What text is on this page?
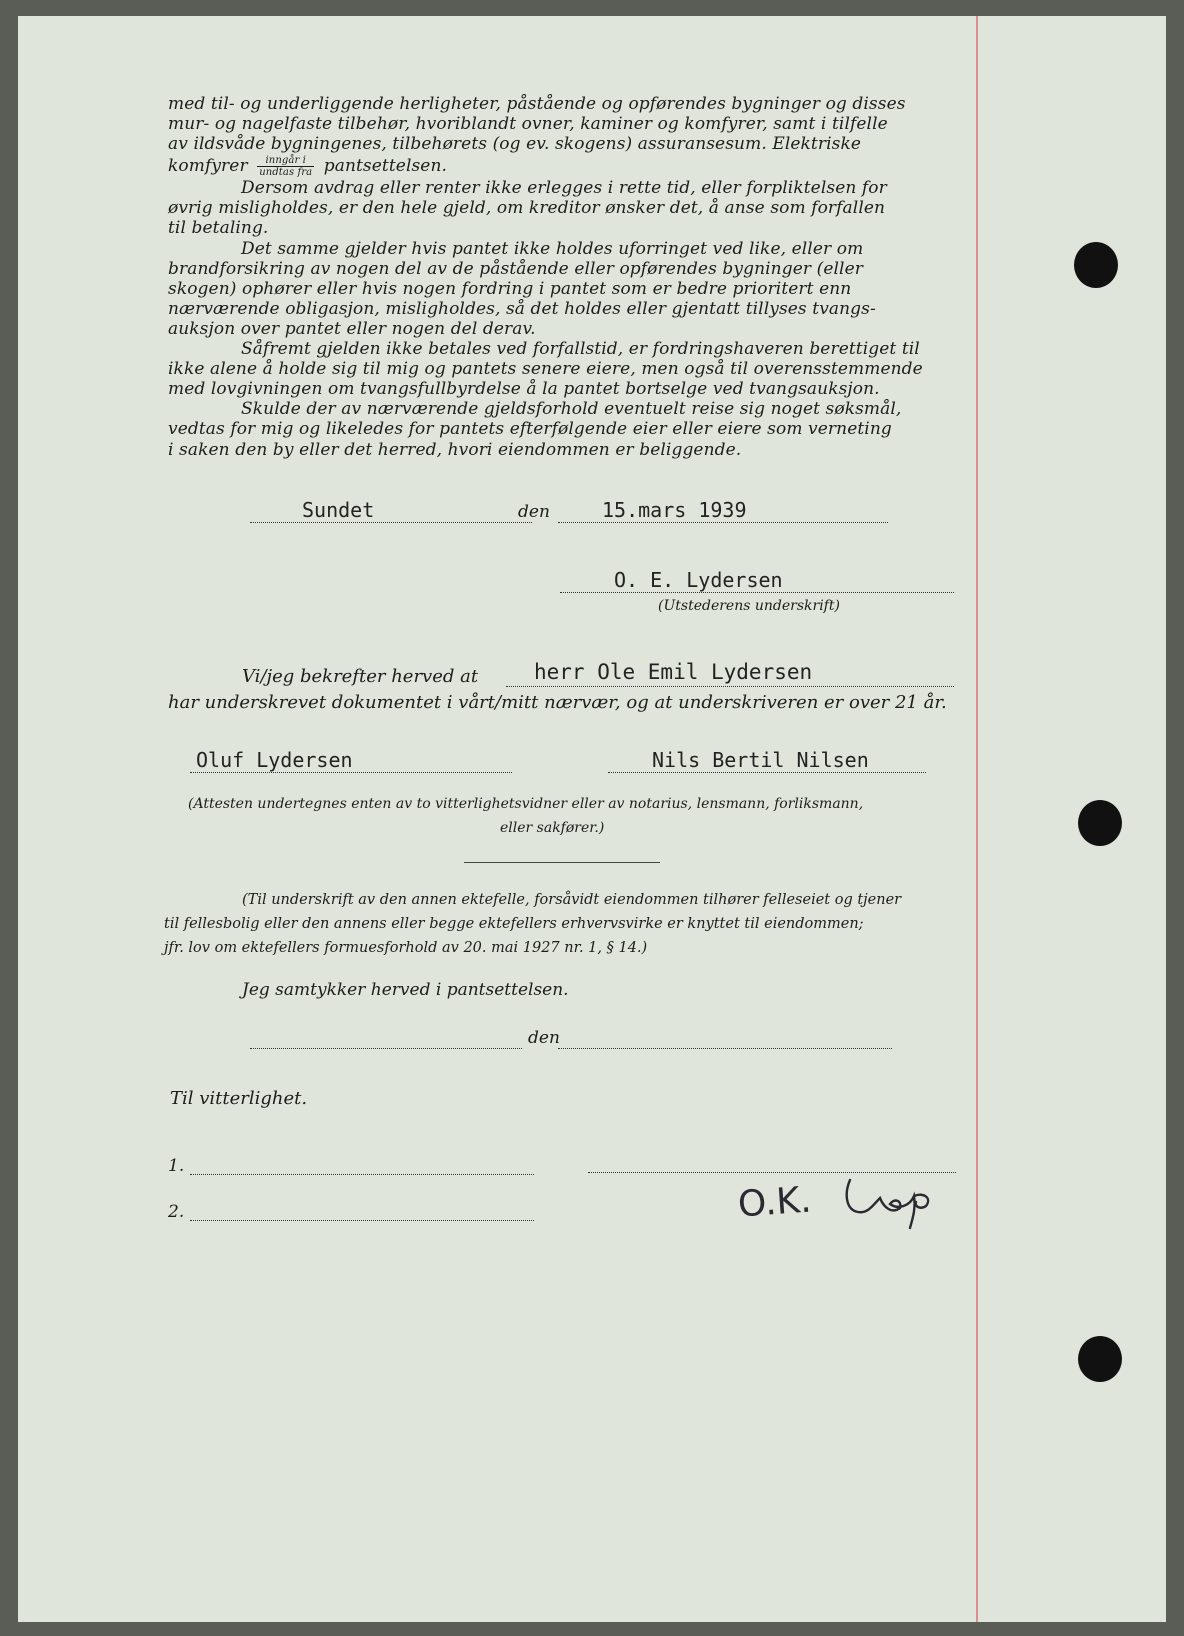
med til- og underliggende herligheter, påstående og opførendes bygninger og disses
mur- og nagelfaste tilbehør, hvoriblandt ovner, kaminer og komfyrer, samt i tilfelle
av ildsvåde bygningenes, tilbehørets (og ev. skogens) assuransesum. Elektriske
komfyrer $\frac{\text{inngår i}}{\text{undtas fra}}$ pantsettelsen.
Dersom avdrag eller renter ikke erlegges i rette tid, eller forpliktelsen for
øvrig misligholdes, er den hele gjeld, om kreditor ønsker det, å anse som forfallen
til betaling.
Det samme gjelder hvis pantet ikke holdes uforringet ved like, eller om
brandforsikring av nogen del av de påstående eller opførendes bygninger (eller
skogen) ophører eller hvis nogen fordring i pantet som er bedre prioritert enn
nærværende obligasjon, misligholdes, så det holdes eller gjentatt tillyses tvangs-
auksjon over pantet eller nogen del derav.
Såfremt gjelden ikke betales ved forfallstid, er fordringshaveren berettiget til
ikke alene å holde sig til mig og pantets senere eiere, men også til overensstemmende
med lovgivningen om tvangsfullbyrdelse å la pantet bortselge ved tvangsauksjon.
Skulde der av nærværende gjeldsforhold eventuelt reise sig noget søksmål,
vedtas for mig og likeledes for pantets efterfølgende eier eller eiere som verneting
i saken den by eller det herred, hvori eiendommen er beliggende.
Sundet	den	15.mars 1939
O. E. Lydersen
(Utstederens underskrift)
Vi/jeg bekrefter herved at	herr Ole Emil Lydersen
har underskrevet dokumentet i vårt/mitt nærvær, og at underskriveren er over 21 år.
Oluf Lydersen	Nils Bertil Nilsen
(Attesten undertegnes enten av to vitterlighetsvidner eller av notarius, lensmann, forliksmann,
eller sakfører.)
(Til underskrift av den annen ektefelle, forsåvidt eiendommen tilhører felleseiet og tjener
til fellesbolig eller den annens eller begge ektefellers erhvervsvirke er knyttet til eiendommen;
jfr. lov om ektefellers formuesforhold av 20. mai 1927 nr. 1, § 14.)
Jeg samtykker herved i pantsettelsen.
den
Til vitterlighet.
1.
2.	O.K.
